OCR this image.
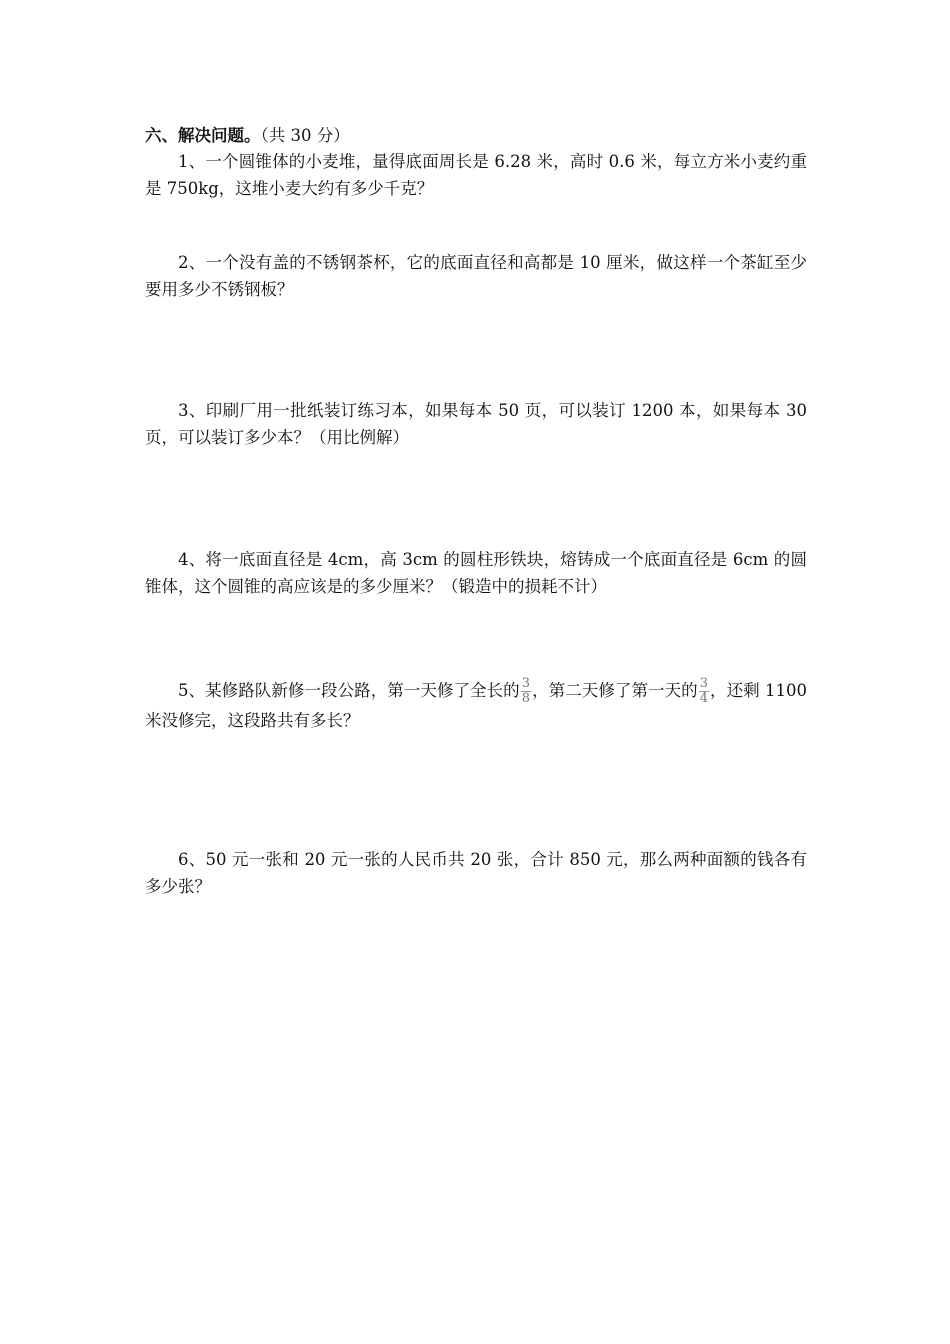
六、解决问题。（共 30 分）
1、一个圆锥体的小麦堆，量得底面周长是 6.28 米，高时 0.6 米，每立方米小麦约重是 750kg，这堆小麦大约有多少千克？
2、一个没有盖的不锈钢茶杯，它的底面直径和高都是 10 厘米，做这样一个茶缸至少要用多少不锈钢板？
3、印刷厂用一批纸装订练习本，如果每本 50 页，可以装订 1200 本，如果每本 30 页，可以装订多少本？（用比例解）
4、将一底面直径是 4cm，高 3cm 的圆柱形铁块，熔铸成一个底面直径是 6cm 的圆锥体，这个圆锥的高应该是的多少厘米？（锻造中的损耗不计）
5、某修路队新修一段公路，第一天修了全长的 $\frac{3}{8}$ ，第二天修了第一天的 $\frac{3}{4}$ ，还剩 1100 米没修完，这段路共有多长？
6、50 元一张和 20 元一张的人民币共 20 张，合计 850 元，那么两种面额的钱各有多少张？
